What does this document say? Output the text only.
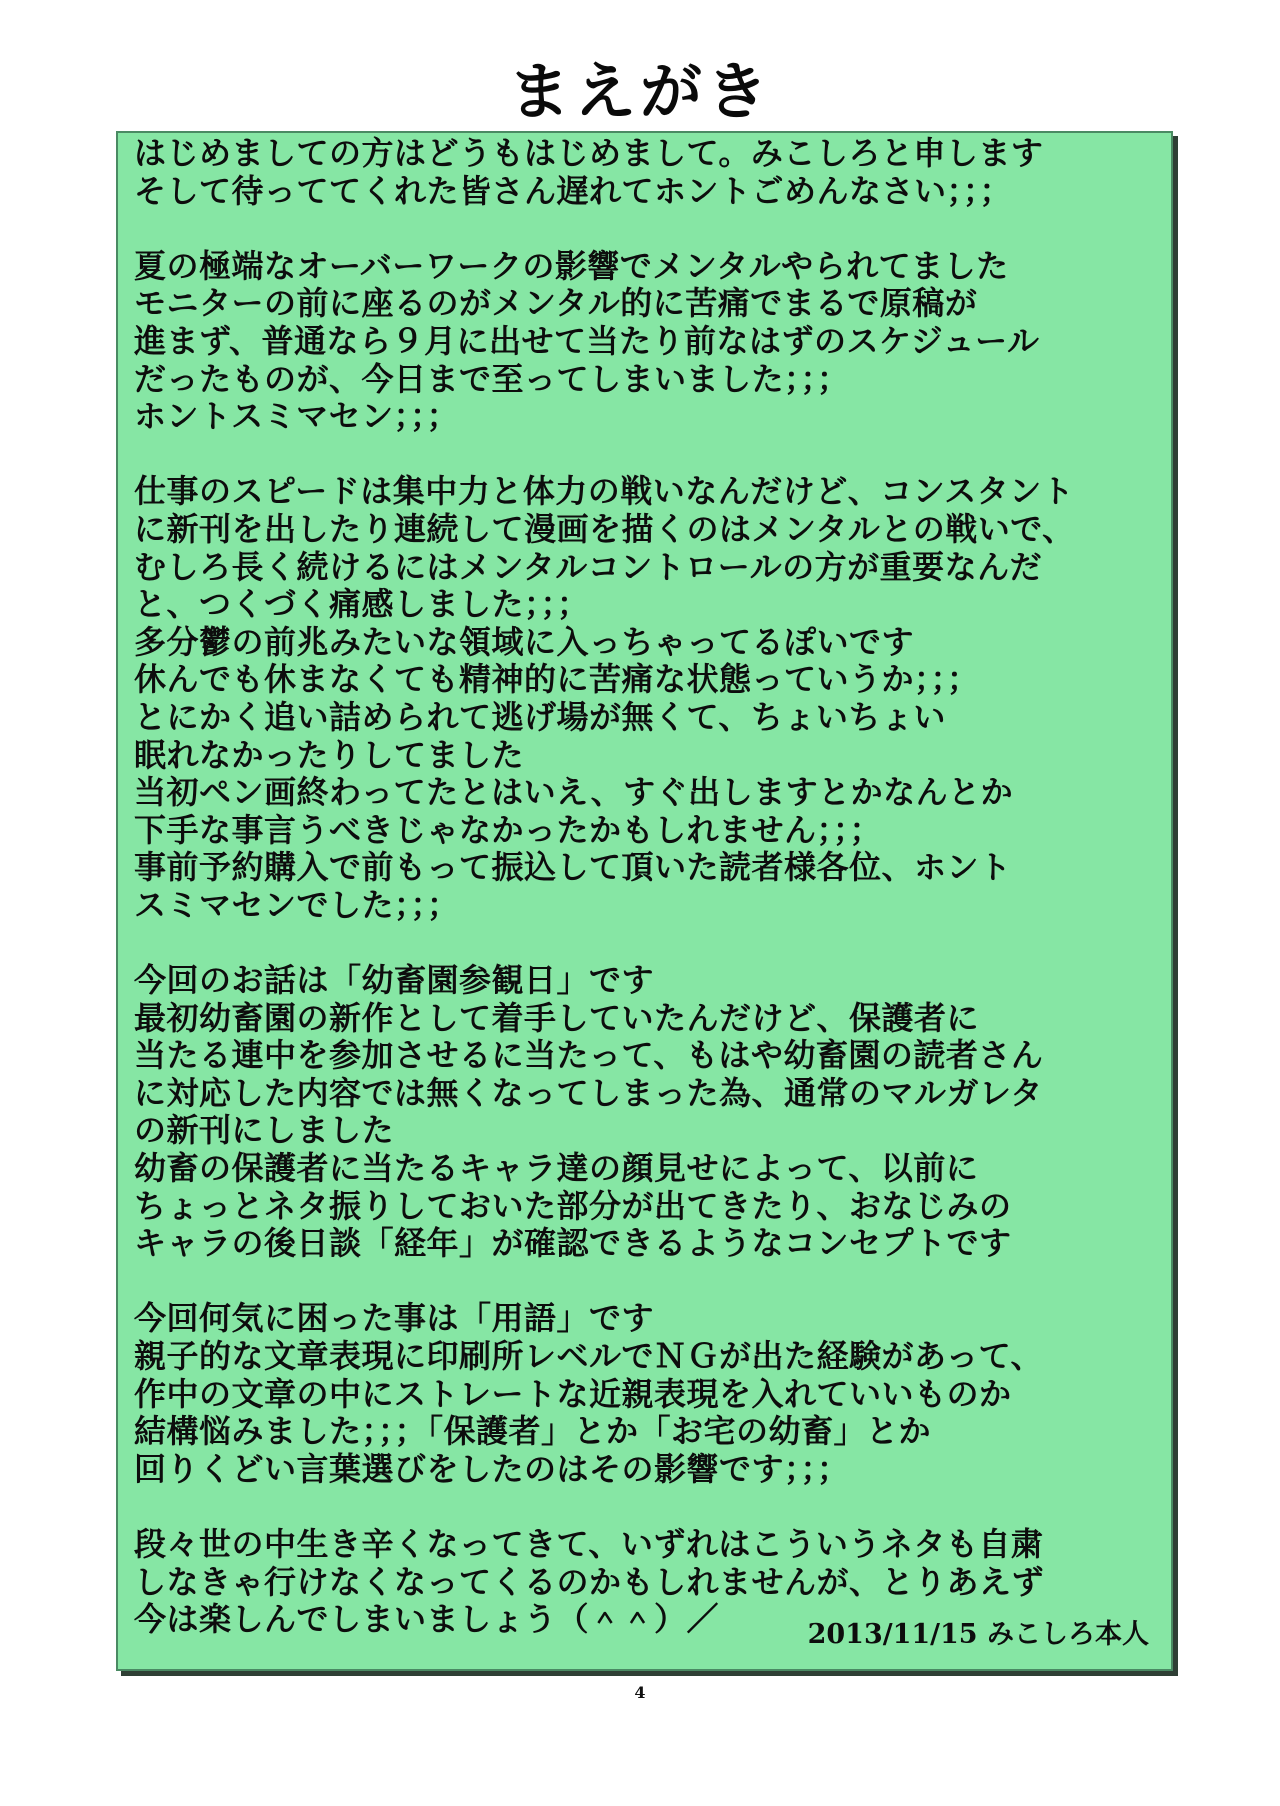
まえがき
はじめましての方はどうもはじめまして。みこしろと申します
そして待っててくれた皆さん遅れてホントごめんなさい；；；
夏の極端なオーバーワークの影響でメンタルやられてました
モニターの前に座るのがメンタル的に苦痛でまるで原稿が
進まず、普通なら９月に出せて当たり前なはずのスケジュール
だったものが、今日まで至ってしまいました；；；
ホントスミマセン；；；
仕事のスピードは集中力と体力の戦いなんだけど、コンスタント
に新刊を出したり連続して漫画を描くのはメンタルとの戦いで、
むしろ長く続けるにはメンタルコントロールの方が重要なんだ
と、つくづく痛感しました；；；
多分鬱の前兆みたいな領域に入っちゃってるぽいです
休んでも休まなくても精神的に苦痛な状態っていうか；；；
とにかく追い詰められて逃げ場が無くて、ちょいちょい
眠れなかったりしてました
当初ペン画終わってたとはいえ、すぐ出しますとかなんとか
下手な事言うべきじゃなかったかもしれません；；；
事前予約購入で前もって振込して頂いた読者様各位、ホント
スミマセンでした；；；
今回のお話は「幼畜園参観日」です
最初幼畜園の新作として着手していたんだけど、保護者に
当たる連中を参加させるに当たって、もはや幼畜園の読者さん
に対応した内容では無くなってしまった為、通常のマルガレタ
の新刊にしました
幼畜の保護者に当たるキャラ達の顔見せによって、以前に
ちょっとネタ振りしておいた部分が出てきたり、おなじみの
キャラの後日談「経年」が確認できるようなコンセプトです
今回何気に困った事は「用語」です
親子的な文章表現に印刷所レベルでＮＧが出た経験があって、
作中の文章の中にストレートな近親表現を入れていいものか
結構悩みました；；；「保護者」とか「お宅の幼畜」とか
回りくどい言葉選びをしたのはその影響です；；；
段々世の中生き辛くなってきて、いずれはこういうネタも自粛
しなきゃ行けなくなってくるのかもしれませんが、とりあえず
今は楽しんでしまいましょう（＾＾）／	2013/11/15 みこしろ本人
4
